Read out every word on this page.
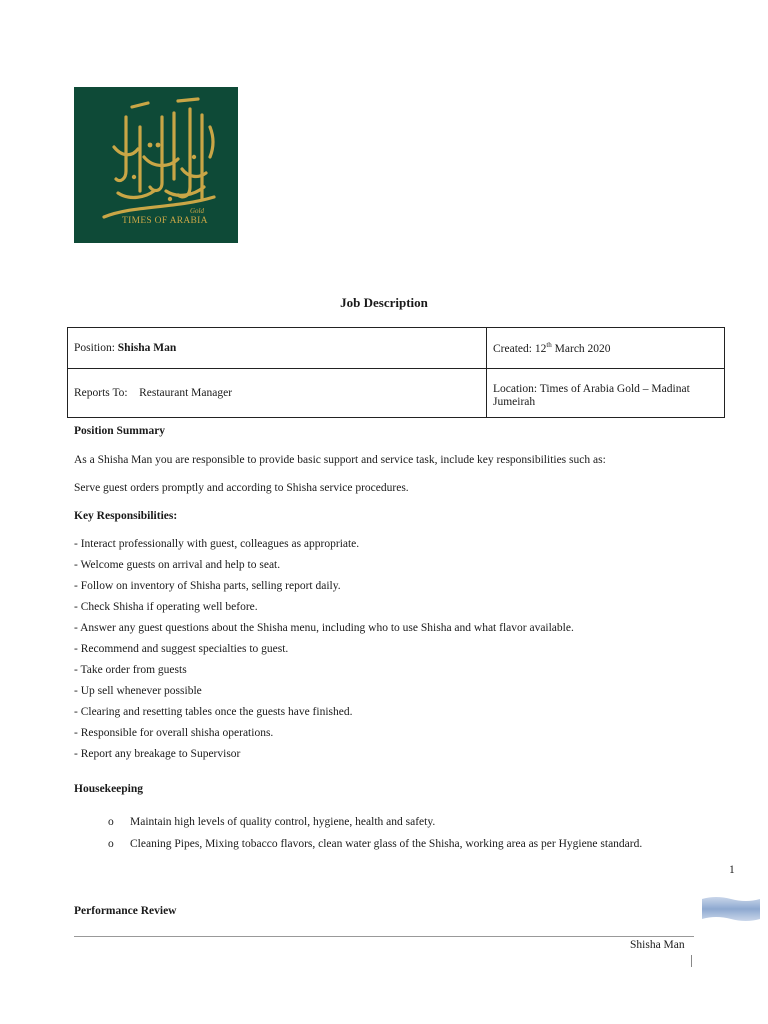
Gold
TIMES OF ARABIA
Job Description
Position: Shisha Man	Created: 12th March 2020
Reports To: Restaurant Manager	Location: Times of Arabia Gold – Madinat
Jumeirah
Position Summary
As a Shisha Man you are responsible to provide basic support and service task, include key responsibilities such as:
Serve guest orders promptly and according to Shisha service procedures.
Key Responsibilities:
- Interact professionally with guest, colleagues as appropriate.
- Welcome guests on arrival and help to seat.
- Follow on inventory of Shisha parts, selling report daily.
- Check Shisha if operating well before.
- Answer any guest questions about the Shisha menu, including who to use Shisha and what flavor available.
- Recommend and suggest specialties to guest.
- Take order from guests
- Up sell whenever possible
- Clearing and resetting tables once the guests have finished.
- Responsible for overall shisha operations.
- Report any breakage to Supervisor
Housekeeping
o Maintain high levels of quality control, hygiene, health and safety.
o Cleaning Pipes, Mixing tobacco flavors, clean water glass of the Shisha, working area as per Hygiene standard.
1
Performance Review
Shisha Man
